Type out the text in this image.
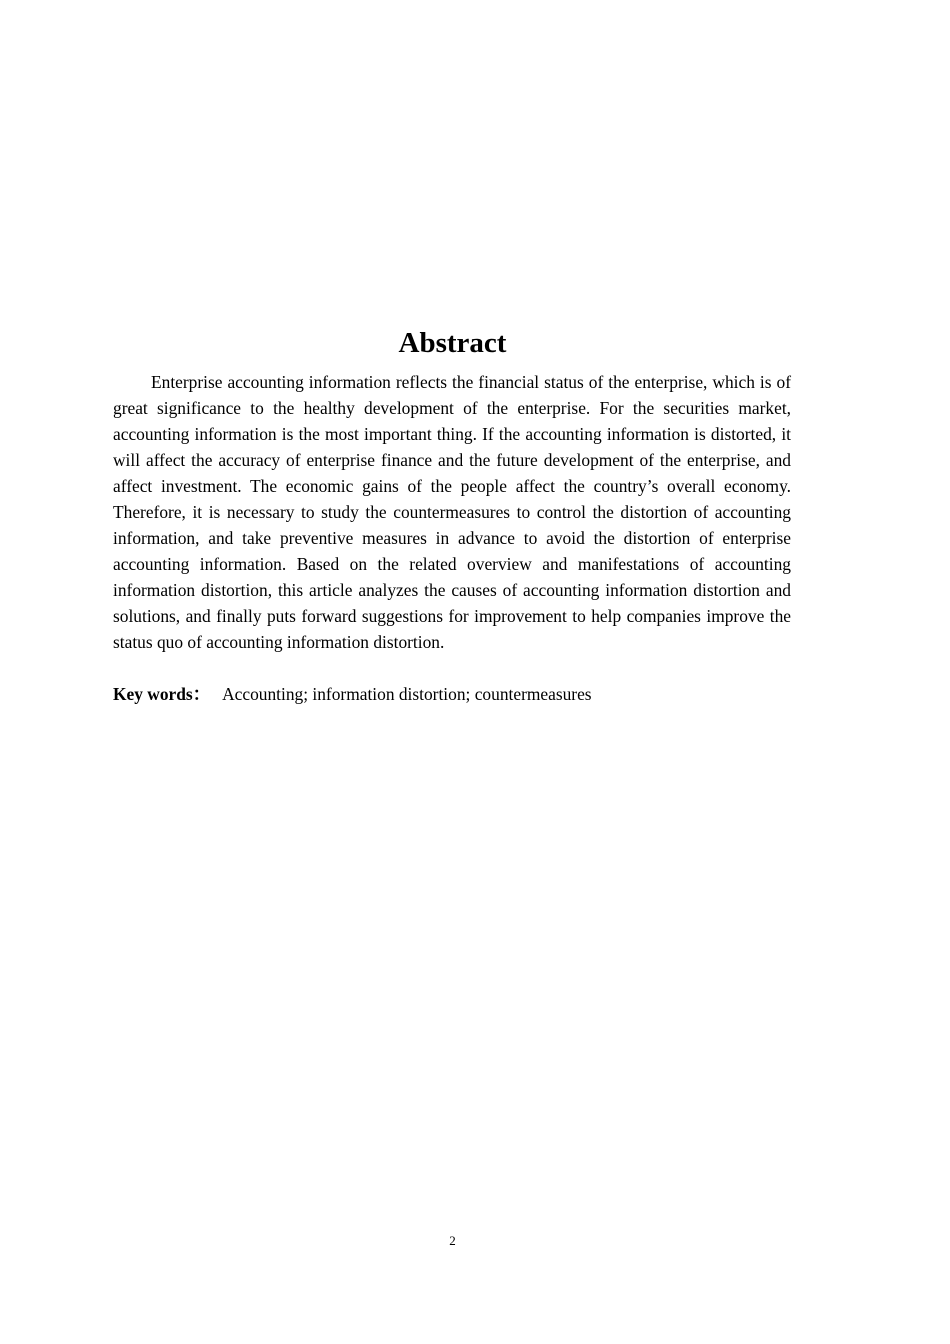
Abstract

Enterprise accounting information reflects the financial status of the enterprise, which is of great significance to the healthy development of the enterprise. For the securities market, accounting information is the most important thing. If the accounting information is distorted, it will affect the accuracy of enterprise finance and the future development of the enterprise, and affect investment. The economic gains of the people affect the country’s overall economy. Therefore, it is necessary to study the countermeasures to control the distortion of accounting information, and take preventive measures in advance to avoid the distortion of enterprise accounting information. Based on the related overview and manifestations of accounting information distortion, this article analyzes the causes of accounting information distortion and solutions, and finally puts forward suggestions for improvement to help companies improve the status quo of accounting information distortion.

Key words： Accounting; information distortion; countermeasures

2
